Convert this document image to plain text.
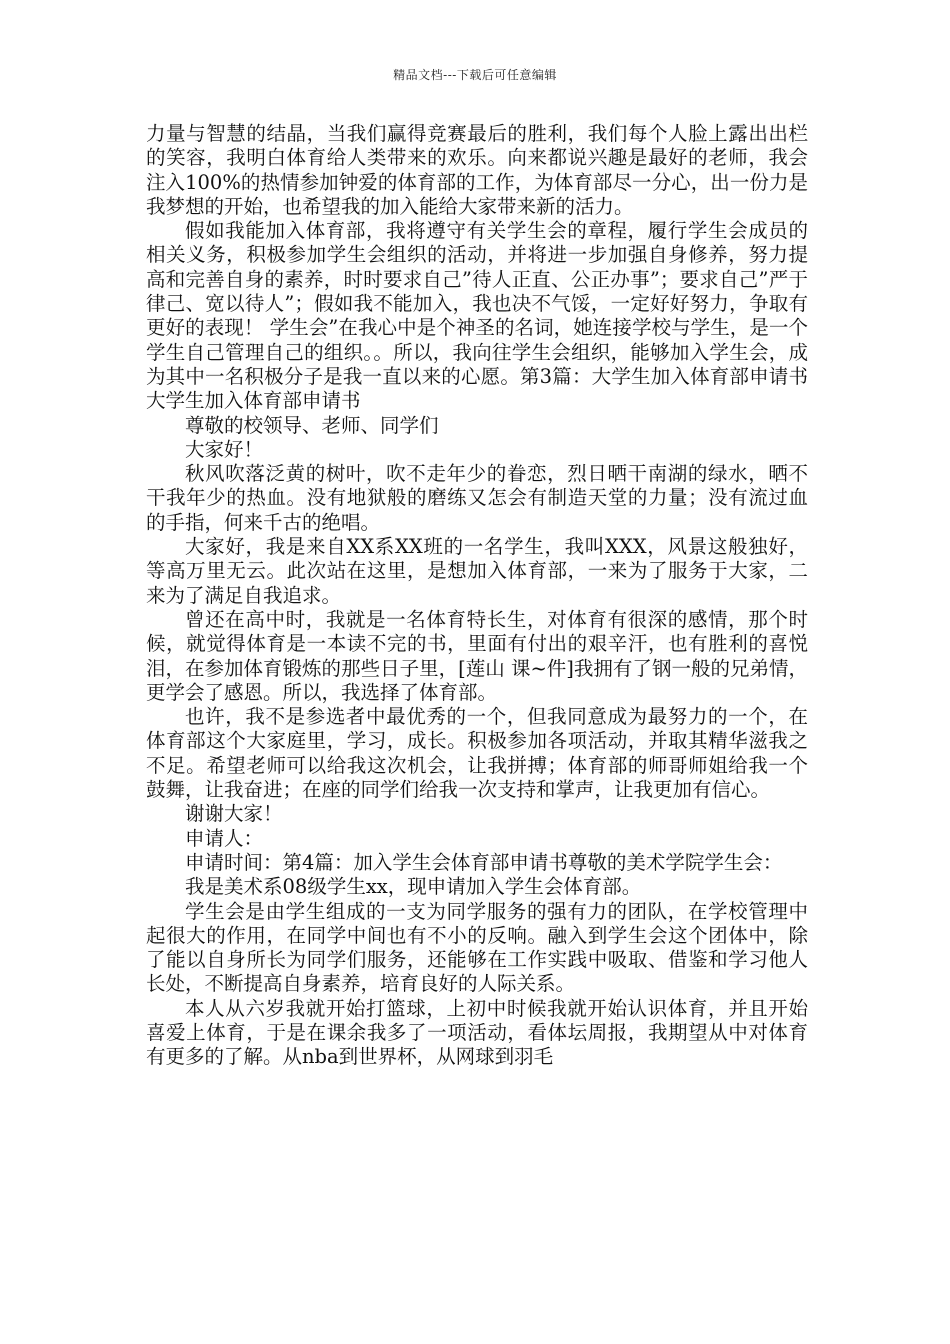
精品文档---下载后可任意编辑

力量与智慧的结晶，当我们赢得竞赛最后的胜利，我们每个人脸上露出出栏的笑容，我明白体育给人类带来的欢乐。向来都说兴趣是最好的老师，我会注入100%的热情参加钟爱的体育部的工作，为体育部尽一分心，出一份力是我梦想的开始，也希望我的加入能给大家带来新的活力。

假如我能加入体育部，我将遵守有关学生会的章程，履行学生会成员的相关义务，积极参加学生会组织的活动，并将进一步加强自身修养，努力提高和完善自身的素养，时时要求自己”待人正直、公正办事”；要求自己”严于律己、宽以待人”；假如我不能加入，我也决不气馁，一定好好努力，争取有更好的表现！ 学生会”在我心中是个神圣的名词，她连接学校与学生，是一个学生自己管理自己的组织。。所以，我向往学生会组织，能够加入学生会，成为其中一名积极分子是我一直以来的心愿。第3篇：大学生加入体育部申请书大学生加入体育部申请书

尊敬的校领导、老师、同学们

大家好！

秋风吹落泛黄的树叶，吹不走年少的眷恋，烈日晒干南湖的绿水，晒不干我年少的热血。没有地狱般的磨练又怎会有制造天堂的力量；没有流过血的手指，何来千古的绝唱。

大家好，我是来自XX系XX班的一名学生，我叫XXX，风景这般独好，等高万里无云。此次站在这里，是想加入体育部，一来为了服务于大家，二来为了满足自我追求。

曾还在高中时，我就是一名体育特长生，对体育有很深的感情，那个时候，就觉得体育是一本读不完的书，里面有付出的艰辛汗，也有胜利的喜悦泪，在参加体育锻炼的那些日子里，[莲山 课~件]我拥有了钢一般的兄弟情，更学会了感恩。所以，我选择了体育部。

也许，我不是参选者中最优秀的一个，但我同意成为最努力的一个，在体育部这个大家庭里，学习，成长。积极参加各项活动，并取其精华滋我之不足。希望老师可以给我这次机会，让我拼搏；体育部的师哥师姐给我一个鼓舞，让我奋进；在座的同学们给我一次支持和掌声，让我更加有信心。

谢谢大家！

申请人：

申请时间：第4篇：加入学生会体育部申请书尊敬的美术学院学生会：

我是美术系08级学生xx，现申请加入学生会体育部。

学生会是由学生组成的一支为同学服务的强有力的团队，在学校管理中起很大的作用，在同学中间也有不小的反响。融入到学生会这个团体中，除了能以自身所长为同学们服务，还能够在工作实践中吸取、借鉴和学习他人长处，不断提高自身素养，培育良好的人际关系。

本人从六岁我就开始打篮球，上初中时候我就开始认识体育，并且开始喜爱上体育，于是在课余我多了一项活动，看体坛周报，我期望从中对体育有更多的了解。从nba到世界杯，从网球到羽毛
